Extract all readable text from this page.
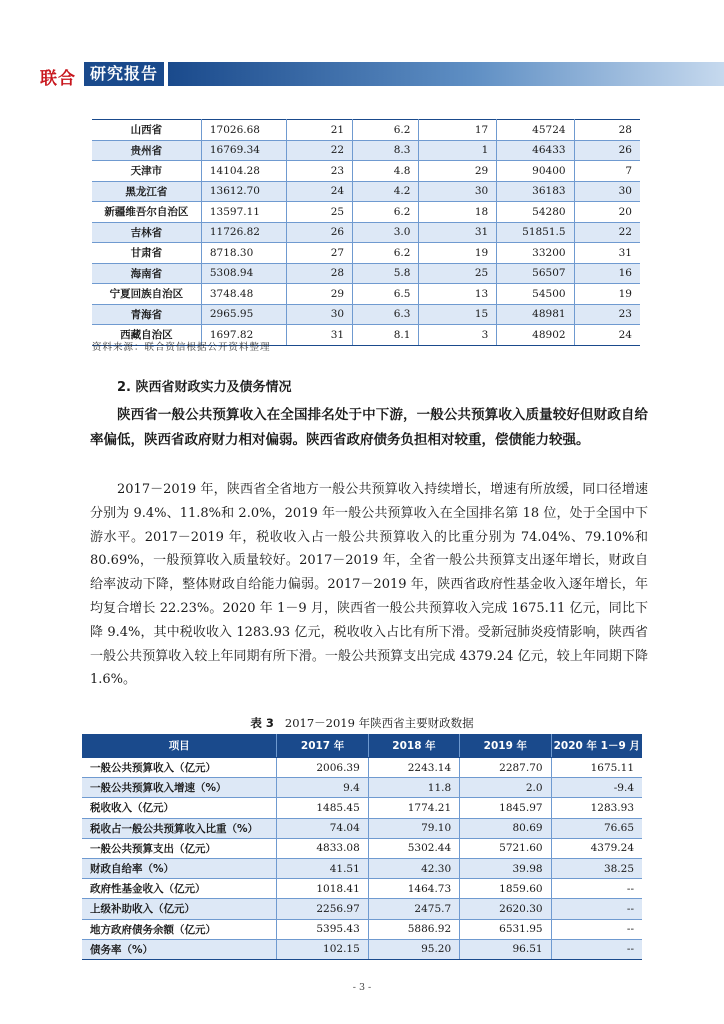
联合 研究报告
山西省	17026.68	21	6.2	17	45724	28
贵州省	16769.34	22	8.3	1	46433	26
天津市	14104.28	23	4.8	29	90400	7
黑龙江省	13612.70	24	4.2	30	36183	30
新疆维吾尔自治区	13597.11	25	6.2	18	54280	20
吉林省	11726.82	26	3.0	31	51851.5	22
甘肃省	8718.30	27	6.2	19	33200	31
海南省	5308.94	28	5.8	25	56507	16
宁夏回族自治区	3748.48	29	6.5	13	54500	19
青海省	2965.95	30	6.3	15	48981	23
西藏自治区	1697.82	31	8.1	3	48902	24
资料来源：联合资信根据公开资料整理
2. 陕西省财政实力及债务情况
陕西省一般公共预算收入在全国排名处于中下游，一般公共预算收入质量较好但财政自给率偏低，陕西省政府财力相对偏弱。陕西省政府债务负担相对较重，偿债能力较强。
2017－2019 年，陕西省全省地方一般公共预算收入持续增长，增速有所放缓，同口径增速分别为 9.4%、11.8%和 2.0%，2019 年一般公共预算收入在全国排名第 18 位，处于全国中下游水平。2017－2019 年，税收收入占一般公共预算收入的比重分别为 74.04%、79.10%和 80.69%，一般预算收入质量较好。2017－2019 年，全省一般公共预算支出逐年增长，财政自给率波动下降，整体财政自给能力偏弱。2017－2019 年，陕西省政府性基金收入逐年增长，年均复合增长 22.23%。2020 年 1－9 月，陕西省一般公共预算收入完成 1675.11 亿元，同比下降 9.4%，其中税收收入 1283.93 亿元，税收收入占比有所下滑。受新冠肺炎疫情影响，陕西省一般公共预算收入较上年同期有所下滑。一般公共预算支出完成 4379.24 亿元，较上年同期下降 1.6%。
表 3 2017－2019 年陕西省主要财政数据
项目	2017 年	2018 年	2019 年	2020 年 1－9 月
一般公共预算收入（亿元）	2006.39	2243.14	2287.70	1675.11
一般公共预算收入增速（%）	9.4	11.8	2.0	-9.4
税收收入（亿元）	1485.45	1774.21	1845.97	1283.93
税收占一般公共预算收入比重（%）	74.04	79.10	80.69	76.65
一般公共预算支出（亿元）	4833.08	5302.44	5721.60	4379.24
财政自给率（%）	41.51	42.30	39.98	38.25
政府性基金收入（亿元）	1018.41	1464.73	1859.60	--
上级补助收入（亿元）	2256.97	2475.7	2620.30	--
地方政府债务余额（亿元）	5395.43	5886.92	6531.95	--
债务率（%）	102.15	95.20	96.51	--
- 3 -
